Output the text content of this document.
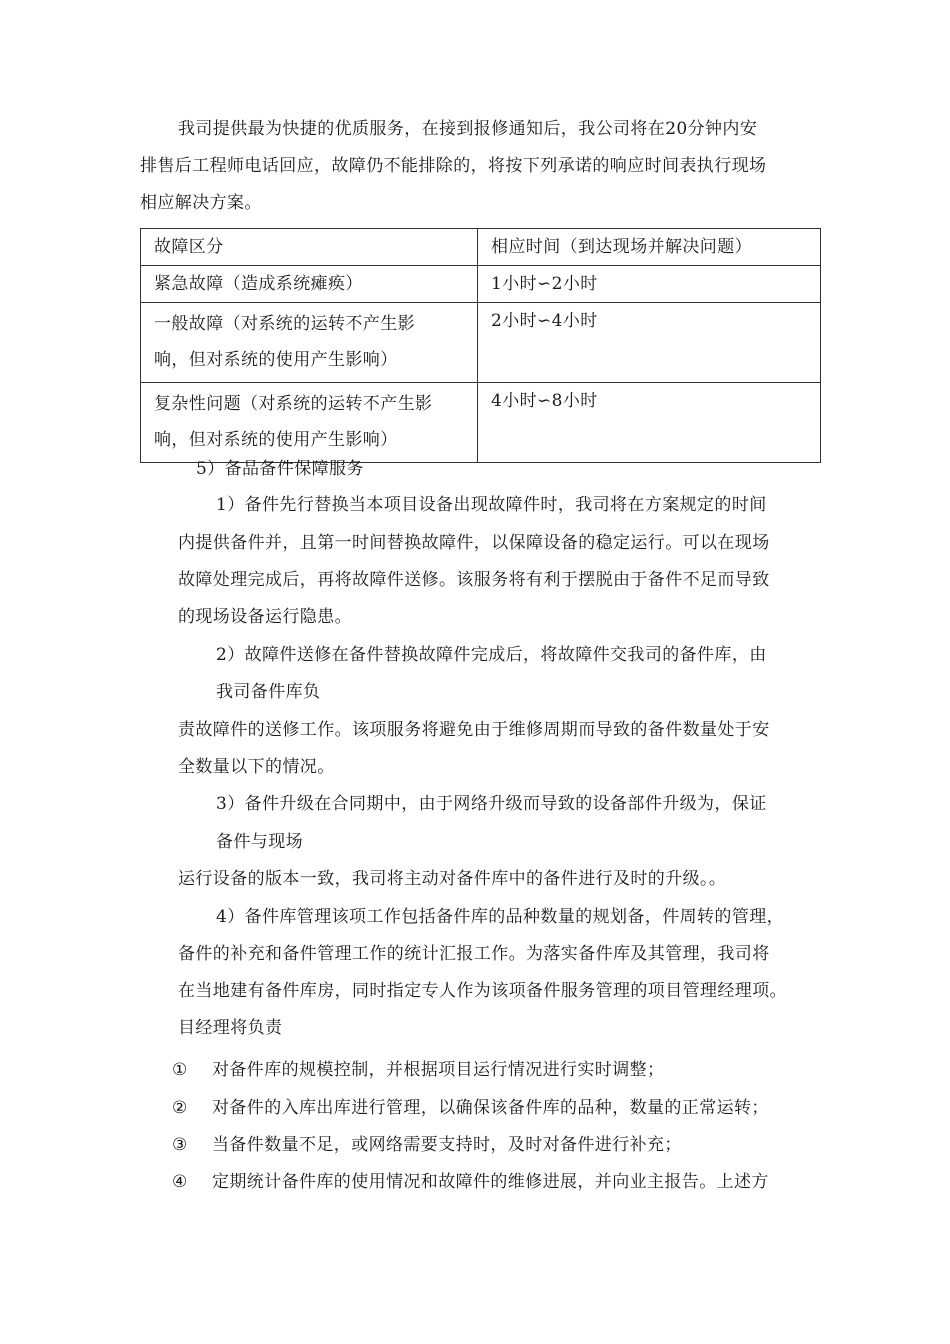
我司提供最为快捷的优质服务，在接到报修通知后，我公司将在20分钟内安

排售后工程师电话回应，故障仍不能排除的，将按下列承诺的响应时间表执行现场

相应解决方案。

故障区分	相应时间（到达现场并解决问题）
紧急故障（造成系统瘫痪）	1小时∽2小时

一般故障（对系统的运转不产生影
响，但对系统的使用产生影响）	2小时∽4小时

复杂性问题（对系统的运转不产生影
响，但对系统的使用产生影响）	4小时∽8小时

5）备品备件保障服务

1）备件先行替换当本项目设备出现故障件时，我司将在方案规定的时间

内提供备件并，且第一时间替换故障件，以保障设备的稳定运行。可以在现场

故障处理完成后，再将故障件送修。该服务将有利于摆脱由于备件不足而导致

的现场设备运行隐患。

2）故障件送修在备件替换故障件完成后，将故障件交我司的备件库，由

我司备件库负

责故障件的送修工作。该项服务将避免由于维修周期而导致的备件数量处于安

全数量以下的情况。

3）备件升级在合同期中，由于网络升级而导致的设备部件升级为，保证

备件与现场

运行设备的版本一致，我司将主动对备件库中的备件进行及时的升级。。

4）备件库管理该项工作包括备件库的品种数量的规划备，件周转的管理，

备件的补充和备件管理工作的统计汇报工作。为落实备件库及其管理，我司将

在当地建有备件库房，同时指定专人作为该项备件服务管理的项目管理经理项。

目经理将负责

① 对备件库的规模控制，并根据项目运行情况进行实时调整；

② 对备件的入库出库进行管理，以确保该备件库的品种，数量的正常运转；

③ 当备件数量不足，或网络需要支持时，及时对备件进行补充；

④ 定期统计备件库的使用情况和故障件的维修进展，并向业主报告。上述方
